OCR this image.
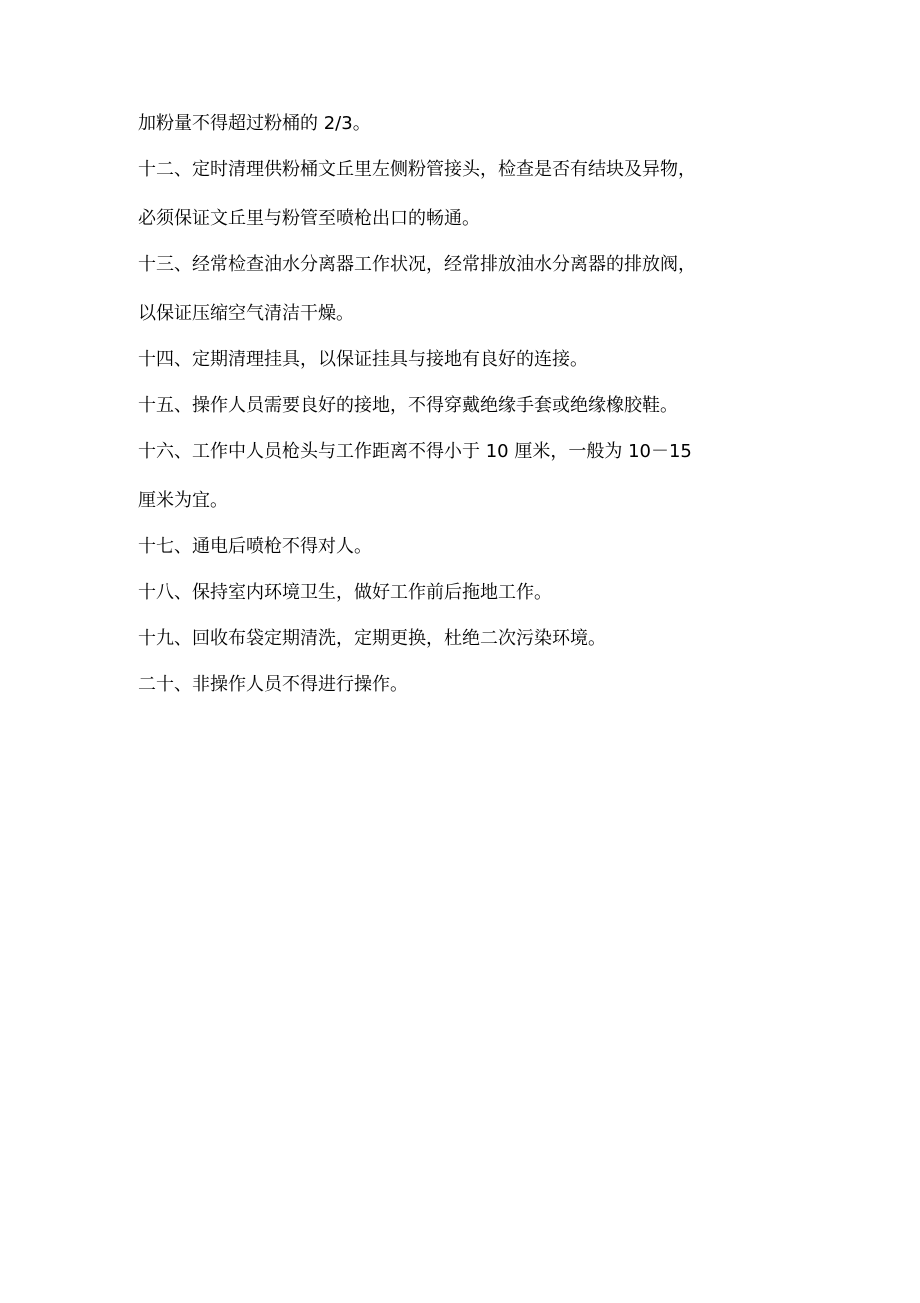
加粉量不得超过粉桶的 2/3。

十二、定时清理供粉桶文丘里左侧粉管接头，检查是否有结块及异物，

必须保证文丘里与粉管至喷枪出口的畅通。

十三、经常检查油水分离器工作状况，经常排放油水分离器的排放阀，

以保证压缩空气清洁干燥。

十四、定期清理挂具，以保证挂具与接地有良好的连接。

十五、操作人员需要良好的接地，不得穿戴绝缘手套或绝缘橡胶鞋。

十六、工作中人员枪头与工作距离不得小于 10 厘米，一般为 10－15

厘米为宜。

十七、通电后喷枪不得对人。

十八、保持室内环境卫生，做好工作前后拖地工作。

十九、回收布袋定期清洗，定期更换，杜绝二次污染环境。

二十、非操作人员不得进行操作。
